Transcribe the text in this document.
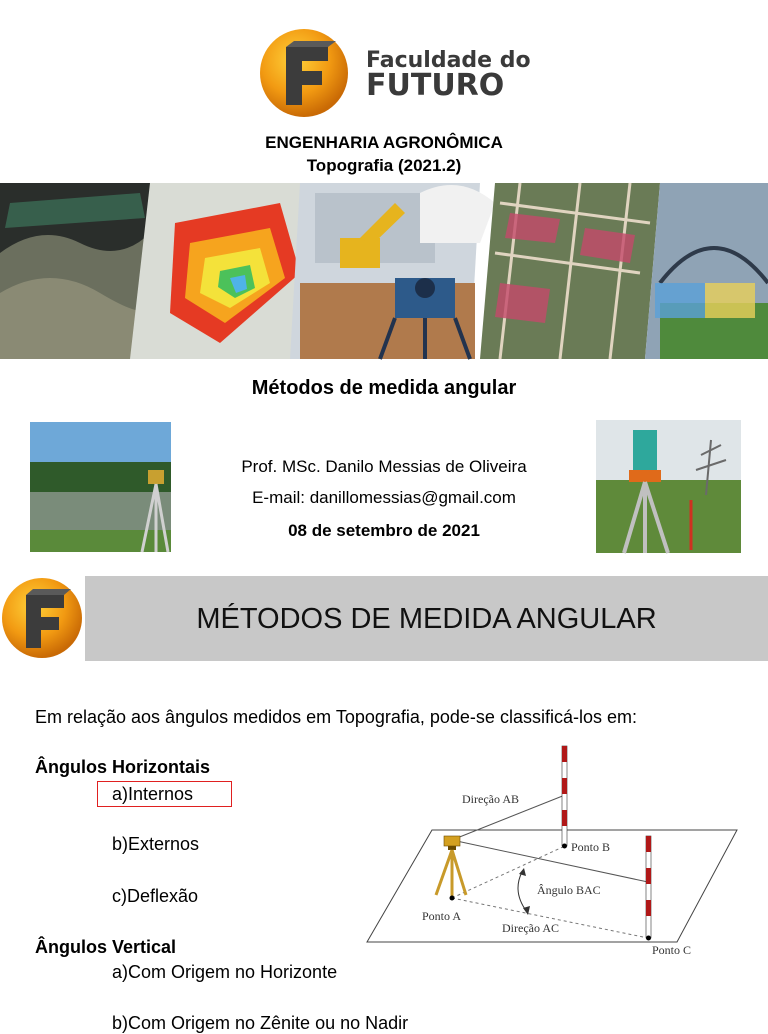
Faculdade do
FUTURO
ENGENHARIA AGRONÔMICA
Topografia (2021.2)
Métodos de medida angular
Prof. MSc. Danilo Messias de Oliveira
E-mail: danillomessias@gmail.com
08 de setembro de 2021
MÉTODOS DE MEDIDA ANGULAR
Em relação aos ângulos medidos em Topografia, pode-se classificá-los em:
Ângulos Horizontais
a)Internos
b)Externos
c)Deflexão
Ângulos Vertical
a)Com Origem no Horizonte
b)Com Origem no Zênite ou no Nadir
Direção AB
Ponto B
Ângulo BAC
Ponto A
Direção AC
Ponto C
